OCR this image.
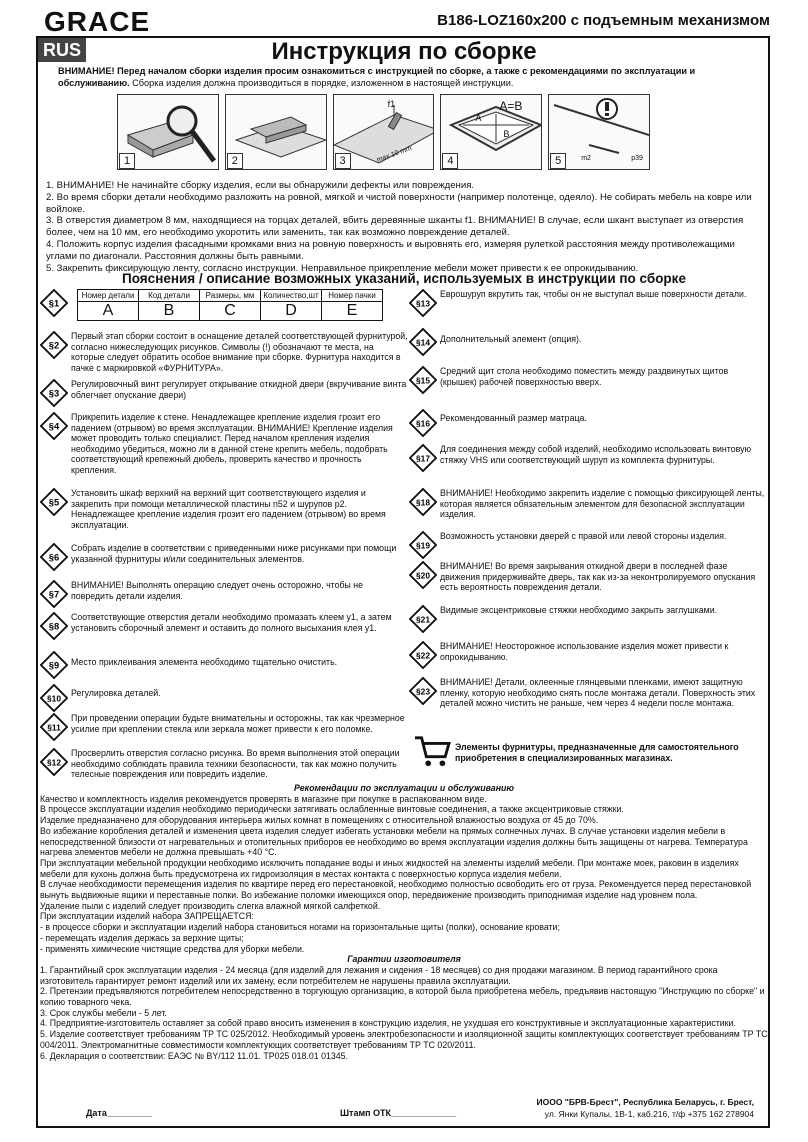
GRACE	B186-LOZ160x200 с подъемным механизмом
RUS	Инструкция по сборке
ВНИМАНИЕ! Перед началом сборки изделия просим ознакомиться с инструкцией по сборке, а также с рекомендациями по эксплуатации и обслуживанию. Сборка изделия должна производиться в порядке, изложенном в настоящей инструкции.
1	2
f1
max 10 mm
3
A=B
A
B
4	m2	p39
5

1. ВНИМАНИЕ! Не начинайте сборку изделия, если вы обнаружили дефекты или повреждения.

2. Во время сборки детали необходимо разложить на ровной, мягкой и чистой поверхности (например полотенце, одеяло). Не собирать мебель на ковре или войлоке.

3. В отверстия диаметром 8 мм, находящиеся на торцах деталей, вбить деревянные шканты f1. ВНИМАНИЕ! В случае, если шкант выступает из отверстия более, чем на 10 мм, его необходимо укоротить или заменить, так как возможно повреждение деталей.

4. Положить корпус изделия фасадными кромками вниз на ровную поверхность и выровнять его, измеряя рулеткой расстояния между противолежащими углами по диагонали. Расстояния должны быть равными.

5. Закрепить фиксирующую ленту, согласно инструкции. Неправильное прикрепление мебели может привести к ее опрокидыванию.

Пояснения / описание возможных указаний, используемых в инструкции по сборке
§1
Номер детали	Код детали	Размеры, мм	Количество,шт	Номер пачки
A	B	C	D	E
§2
Первый этап сборки состоит в оснащение деталей соответствующей фурнитурой, согласно нижеследующих рисунков. Символы (!) обозначают те места, на которые следует обратить особое внимание при сборке. Фурнитура находится в пачке с маркировкой «ФУРНИТУРА».
§3
Регулировочный винт регулирует открывание откидной двери (вкручивание винта облегчает опускание двери)
§4
Прикрепить изделие к стене. Ненадлежащее крепление изделия грозит его падением (отрывом) во время эксплуатации. ВНИМАНИЕ! Крепление изделия может проводить только специалист. Перед началом крепления изделия необходимо убедиться, можно ли в данной стене крепить мебель, подобрать соответствующий крепежный дюбель, проверить качество и прочность крепления.
§5
Установить шкаф верхний на верхний щит соответствующего изделия и закрепить при помощи металлической пластины n52 и шурупов p2. Ненадлежащее крепление изделия грозит его падением (отрывом) во время эксплуатации.
§6
Собрать изделие в соответствии с приведенными ниже рисунками при помощи указанной фурнитуры и/или соединительных элементов.
§7
ВНИМАНИЕ! Выполнять операцию следует очень осторожно, чтобы не повредить детали изделия.
§8
Соответствующие отверстия детали необходимо промазать клеем y1, а затем установить сборочный элемент и оставить до полного высыхания клея y1.
§9 Место приклеивания элемента необходимо тщательно очистить.
§10
Регулировка деталей.
§11
При проведении операции будьте внимательны и осторожны, так как чрезмерное усилие при креплении стекла или зеркала может привести к его поломке.
§12
Просверлить отверстия согласно рисунка. Во время выполнения этой операции необходимо соблюдать правила техники безопасности, так как можно получить телесные повреждения или повредить изделие.
§13
Еврошуруп вкрутить так, чтобы он не выступал выше поверхности детали.
§14 Дополнительный элемент (опция).
§15
Средний щит стола необходимо поместить между раздвинутых щитов (крышек) рабочей поверхностью вверх.
§16
Рекомендованный размер матраца.
§17
Для соединения между собой изделий, необходимо использовать винтовую стяжку VHS или соответствующий шуруп из комплекта фурнитуры.
§18
ВНИМАНИЕ! Необходимо закрепить изделие с помощью фиксирующей ленты, которая является обязательным элементом для безопасной эксплуатации изделия.
§19
Возможность установки дверей с правой или левой стороны изделия.
§20
ВНИМАНИЕ! Во время закрывания откидной двери в последней фазе движения придерживайте дверь, так как из-за неконтролируемого опускания есть вероятность повреждения детали.
§21
Видимые эксцентриковые стяжки необходимо закрыть заглушками.
§22
ВНИМАНИЕ! Неосторожное использование изделия может привести к опрокидыванию.
§23
ВНИМАНИЕ! Детали, оклеенные глянцевыми пленками, имеют защитную пленку, которую необходимо снять после монтажа детали. Поверхность этих деталей можно чистить не раньше, чем через 4 недели после монтажа.
Элементы фурнитуры, предназначенные для самостоятельного приобретения в специализированных магазинах.

Рекомендации по эксплуатации и обслуживанию

Качество и комплектность изделия рекомендуется проверять в магазине при покупке в распакованном виде.

В процессе эксплуатации изделия необходимо периодически затягивать ослабленные винтовые соединения, а также эксцентриковые стяжки.

Изделие предназначено для оборудования интерьера жилых комнат в помещениях с относительной влажностью воздуха от 45 до 70%.

Во избежание коробления деталей и изменения цвета изделия следует избегать установки мебели на прямых солнечных лучах. В случае установки изделия мебели в непосредственной близости от нагревательных и отопительных приборов ее необходимо во время эксплуатации изделия должны быть защищены от нагрева. Температура нагрева элементов мебели не должна превышать +40 °С.

При эксплуатации мебельной продукции необходимо исключить попадание воды и иных жидкостей на элементы изделий мебели. При монтаже моек, раковин в изделиях мебели для кухонь должна быть предусмотрена их гидроизоляция в местах контакта с поверхностью корпуса изделия мебели.

В случае необходимости перемещения изделия по квартире перед его перестановкой, необходимо полностью освободить его от груза. Рекомендуется перед перестановкой вынуть выдвижные ящики и переставные полки. Во избежание поломки имеющихся опор, передвижение производить приподнимая изделие над уровнем пола.

Удаление пыли с изделий следует производить слегка влажной мягкой салфеткой.

При эксплуатации изделий набора ЗАПРЕЩАЕТСЯ:

- в процессе сборки и эксплуатации изделий набора становиться ногами на горизонтальные щиты (полки), основание кровати;

- перемещать изделия держась за верхние щиты;

- применять химические чистящие средства для уборки мебели.

Гарантии изготовителя

1. Гарантийный срок эксплуатации изделия - 24 месяца (для изделий для лежания и сидения - 18 месяцев) со дня продажи магазином. В период гарантийного срока изготовитель гарантирует ремонт изделий или их замену, если потребителем не нарушены правила эксплуатации.

2. Претензии предъявляются потребителем непосредственно в торгующую организацию, в которой была приобретена мебель, предъявив настоящую "Инструкцию по сборке" и копию товарного чека.

3. Срок службы мебели - 5 лет.

4. Предприятие-изготовитель оставляет за собой право вносить изменения в конструкцию изделия, не ухудшая его конструктивные и эксплуатационные характеристики.

5. Изделие соответствует требованиям ТР ТС 025/2012. Необходимый уровень электробезопасности и изоляционной защиты комплектующих соответствует требованиям ТР ТС 004/2011. Электромагнитные совместимости комплектующих соответствует требованиям ТР ТС 020/2011.

6. Декларация о соответствии: ЕАЭС № BY/112 11.01. ТР025 018.01 01345.

Дата_________	Штамп ОТК_____________
ИООО "БРВ-Брест", Республика Беларусь, г. Брест,
ул. Янки Купалы, 1В-1, каб.216, т/ф +375 162 278904
